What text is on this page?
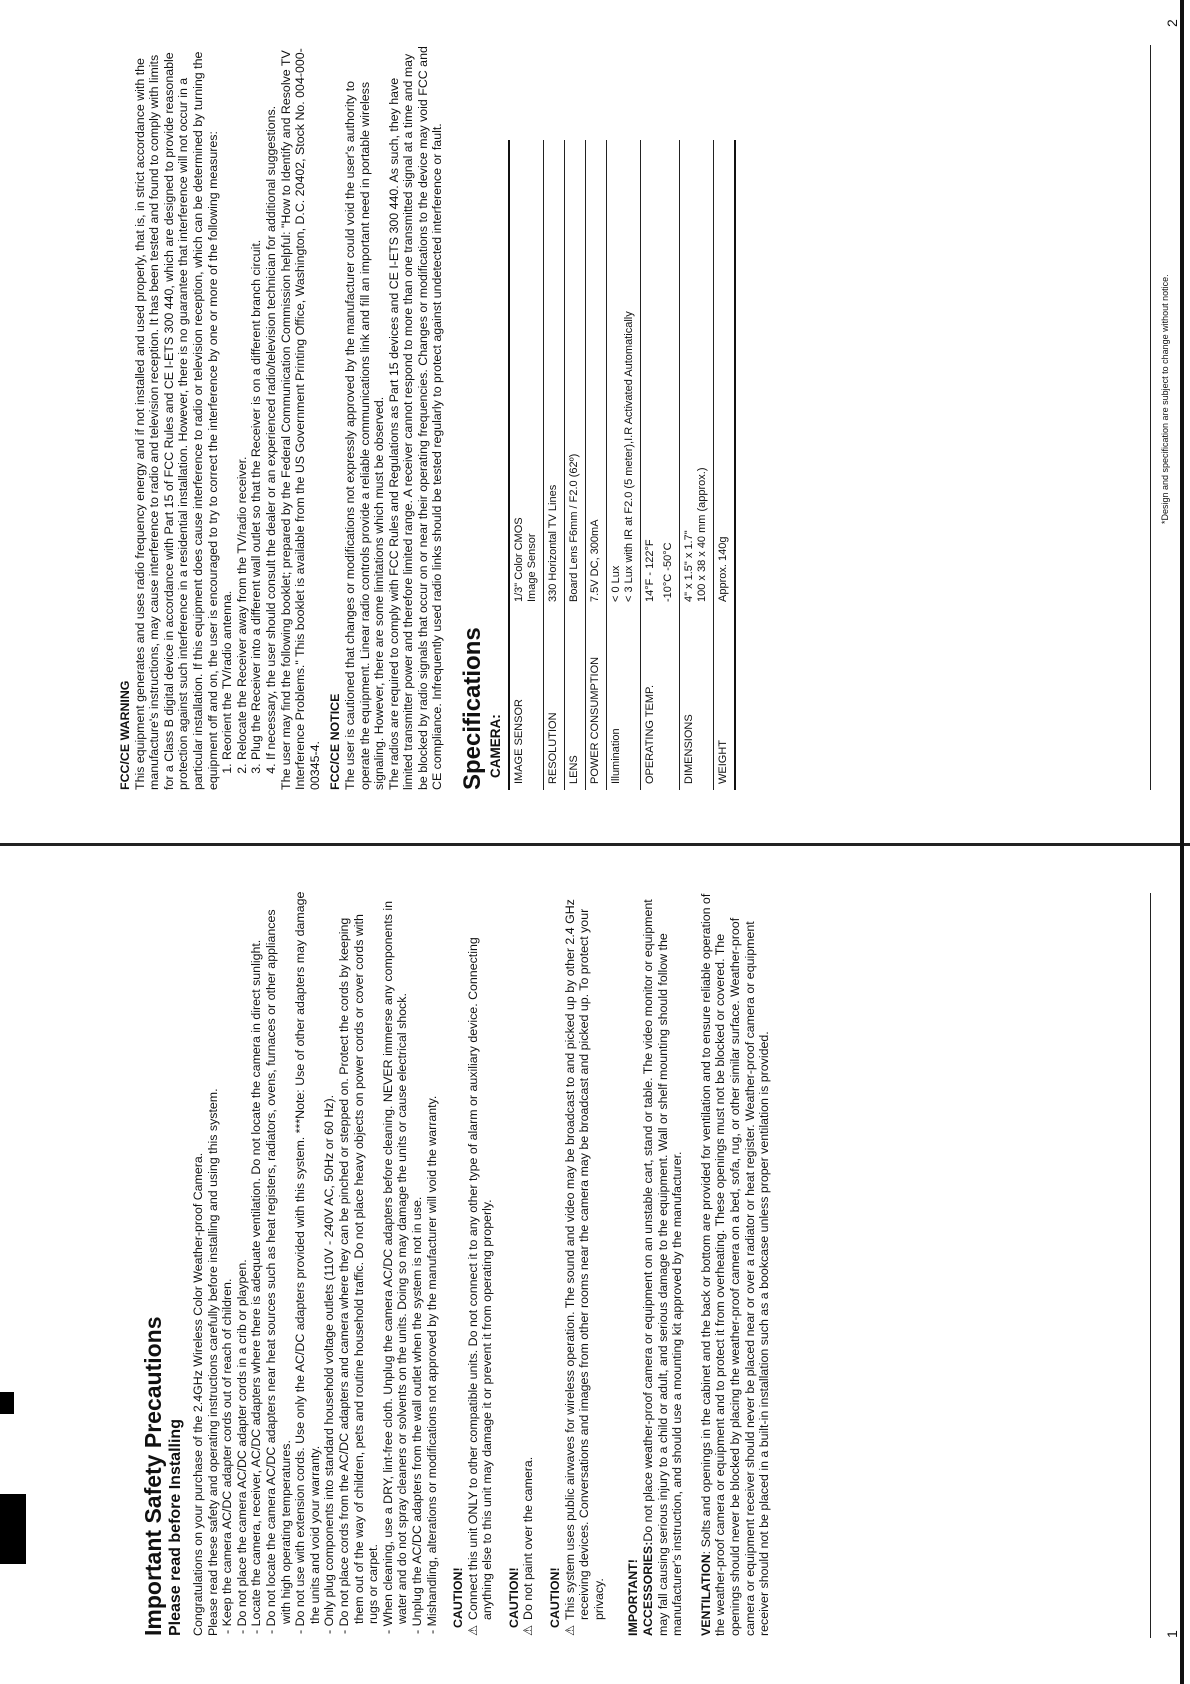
Important Safety Precautions Please read before Installing Congratulations on your purchase of the 2.4GHz Wireless Color Weather-proof Camera. Please read these safety and operating instructions carefully before installing and using this system. - Keep the camera AC/DC adapter cords out of reach of children. - Do not place the camera AC/DC adapter cords in a crib or playpen. - Locate the camera, receiver, AC/DC adapters where there is adequate ventilation. Do not locate the camera in direct sunlight. - Do not locate the camera AC/DC adapters near heat sources such as heat registers, radiators, ovens, furnaces or other appliances with high operating temperatures. - Do not use with extension cords. Use only the AC/DC adapters provided with this system. ***Note: Use of other adapters may damage the units and void your warranty. - Only plug components into standard household voltage outlets (110V - 240V AC, 50Hz or 60 Hz). - Do not place cords from the AC/DC adapters and camera where they can be pinched or stepped on. Protect the cords by keeping them out of the way of children, pets and routine household traffic. Do not place heavy objects on power cords or cover cords with rugs or carpet. - When cleaning, use a DRY, lint-free cloth. Unplug the camera AC/DC adapters before cleaning. NEVER immerse any components in water and do not spray cleaners or solvents on the units. Doing so may damage the units or cause electrical shock. - Unplug the AC/DC adapters from the wall outlet when the system is not in use. - Mishandling, alterations or modifications not approved by the manufacturer will void the warranty. CAUTION!
⚠
Connect this unit ONLY to other compatible units. Do not connect it to any other type of alarm or auxiliary device. Connecting anything else to this unit may damage it or prevent it from operating properly. CAUTION!
⚠
Do not paint over the camera. CAUTION!
⚠
This system uses public airwaves for wireless operation. The sound and video may be broadcast to and picked up by other 2.4 GHz receiving devices. Conversations and images from other rooms near the camera may be broadcast and picked up. To protect your privacy. IMPORTANT! ACCESSORIES:Do not place weather-proof camera or equipment on an unstable cart, stand or table. The video monitor or equipment may fall causing serious injury to a child or adult, and serious damage to the equipment. Wall or shelf mounting should follow the manufacturer's instruction, and should use a mounting kit approved by the manufacturer. VENTILATION: Solts and openings in the cabinet and the back or bottom are provided for ventilation and to ensure reliable operation of the weather-proof camera or equipment and to protect it from overheating. These openings must not be blocked or covered. The openings should never be blocked by placing the weather-proof camera on a bed, sofa, rug, or other similar surface. Weather-proof camera or equipment receiver should never be placed near or over a radiator or heat register. Weather-proof camera or equipment receiver should not be placed in a built-in installation such as a bookcase unless proper ventilation is provided.	1
FCC/CE WARNING This equipment generates and uses radio frequency energy and if not installed and used properly, that is, in strict accordance with the manufacture's instructions, may cause interference to radio and television reception. It has been tested and found to comply with limits for a Class B digital device in accordance with Part 15 of FCC Rules and CE I-ETS 300 440, which are designed to provide reasonable protection against such interference in a residential installation. However, there is no guarantee that interference will not occur in a particular installation. If this equipment does cause interference to radio or television reception, which can be determined by turning the equipment off and on, the user is encouraged to try to correct the interference by one or more of the following measures: 1. Reorient the TV/radio antenna. 2. Relocate the Receiver away from the TV/radio receiver. 3. Plug the Receiver into a different wall outlet so that the Receiver is on a different branch circuit. 4. If necessary, the user should consult the dealer or an experienced radio/television technician for additional suggestions. The user may find the following booklet; prepared by the Federal Communication Commission helpful: "How to Identify and Resolve TV Interference Problems." This booklet is available from the US Government Printing Office, Washington, D.C. 20402, Stock No. 004-000-00345-4. FCC/CE NOTICE The user is cautioned that changes or modifications not expressly approved by the manufacturer could void the user's authority to operate the equipment. Linear radio controls provide a reliable communications link and fill an important need in portable wireless signaling. However, there are some limitations which must be observed. The radios are required to comply with FCC Rules and Regulations as Part 15 devices and CE I-ETS 300 440. As such, they have limited transmitter power and therefore limited range. A receiver cannot respond to more than one transmitted signal at a time and may be blocked by radio signals that occur on or near their operating frequencies. Changes or modifications to the device may void FCC and CE compliance. Infrequently used radio links should be tested regularly to protect against undetected interference or fault. Specifications CAMERA: IMAGE SENSOR	1/3" Color CMOS Image Sensor

RESOLUTION	330 Horizontal TV Lines
LENS	Board Lens F6mm / F2.0 (62º)
POWER CONSUMPTION	7.5V DC, 300mA
Illumination	< 0 Lux < 3 Lux with IR at F2.0 (5 meter),I.R Activated Automatically

OPERATING TEMP.	14°F - 122°F -10°C -50°C

DIMENSIONS	4" x 1.5" x 1.7" 100 x 38 x 40 mm (approx.)

WEIGHT	Approx. 140g
*Design and specification are subject to change without notice.
2
